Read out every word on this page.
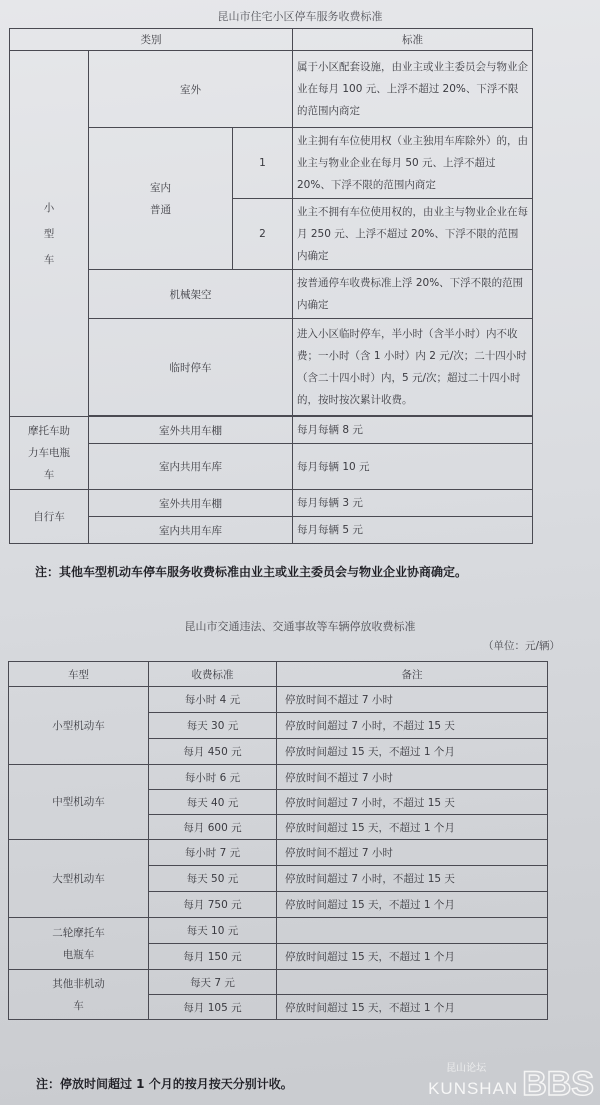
昆山市住宅小区停车服务收费标准
类别			标准

小型车	室外		属于小区配套设施，由业主或业主委员会与物业企业在每月 100 元、上浮不超过 20%、下浮不限的范围内商定

	室内普通	1	业主拥有车位使用权（业主独用车库除外）的，由业主与物业企业在每月 50 元、上浮不超过 20%、下浮不限的范围内商定
		2	业主不拥有车位使用权的，由业主与物业企业在每月 250 元、上浮不超过 20%、下浮不限的范围内确定
	机械架空		按普通停车收费标准上浮 20%、下浮不限的范围内确定
	临时停车		进入小区临时停车，半小时（含半小时）内不收费；一小时（含 1 小时）内 2 元/次；二十四小时（含二十四小时）内，5 元/次；超过二十四小时的，按时按次累计收费。

摩托车助力车电瓶车	室外共用车棚		每月每辆 8 元
	室内共用车库		每月每辆 10 元
自行车	室外共用车棚		每月每辆 3 元
	室内共用车库		每月每辆 5 元
注：其他车型机动车停车服务收费标准由业主或业主委员会与物业企业协商确定。
昆山市交通违法、交通事故等车辆停放收费标准
（单位：元/辆）
车型	收费标准	备注

小型机动车	每小时 4 元	停放时间不超过 7 小时
	每天 30 元	停放时间超过 7 小时，不超过 15 天
	每月 450 元	停放时间超过 15 天，不超过 1 个月

中型机动车	每小时 6 元	停放时间不超过 7 小时
	每天 40 元	停放时间超过 7 小时，不超过 15 天
	每月 600 元	停放时间超过 15 天，不超过 1 个月

大型机动车	每小时 7 元	停放时间不超过 7 小时
	每天 50 元	停放时间超过 7 小时，不超过 15 天
	每月 750 元	停放时间超过 15 天，不超过 1 个月

二轮摩托车电瓶车	每天 10 元	
	每月 150 元	停放时间超过 15 天，不超过 1 个月

其他非机动车	每天 7 元	
	每月 105 元	停放时间超过 15 天，不超过 1 个月
注：停放时间超过 1 个月的按月按天分别计收。
昆山论坛
KUNSHAN BBS
